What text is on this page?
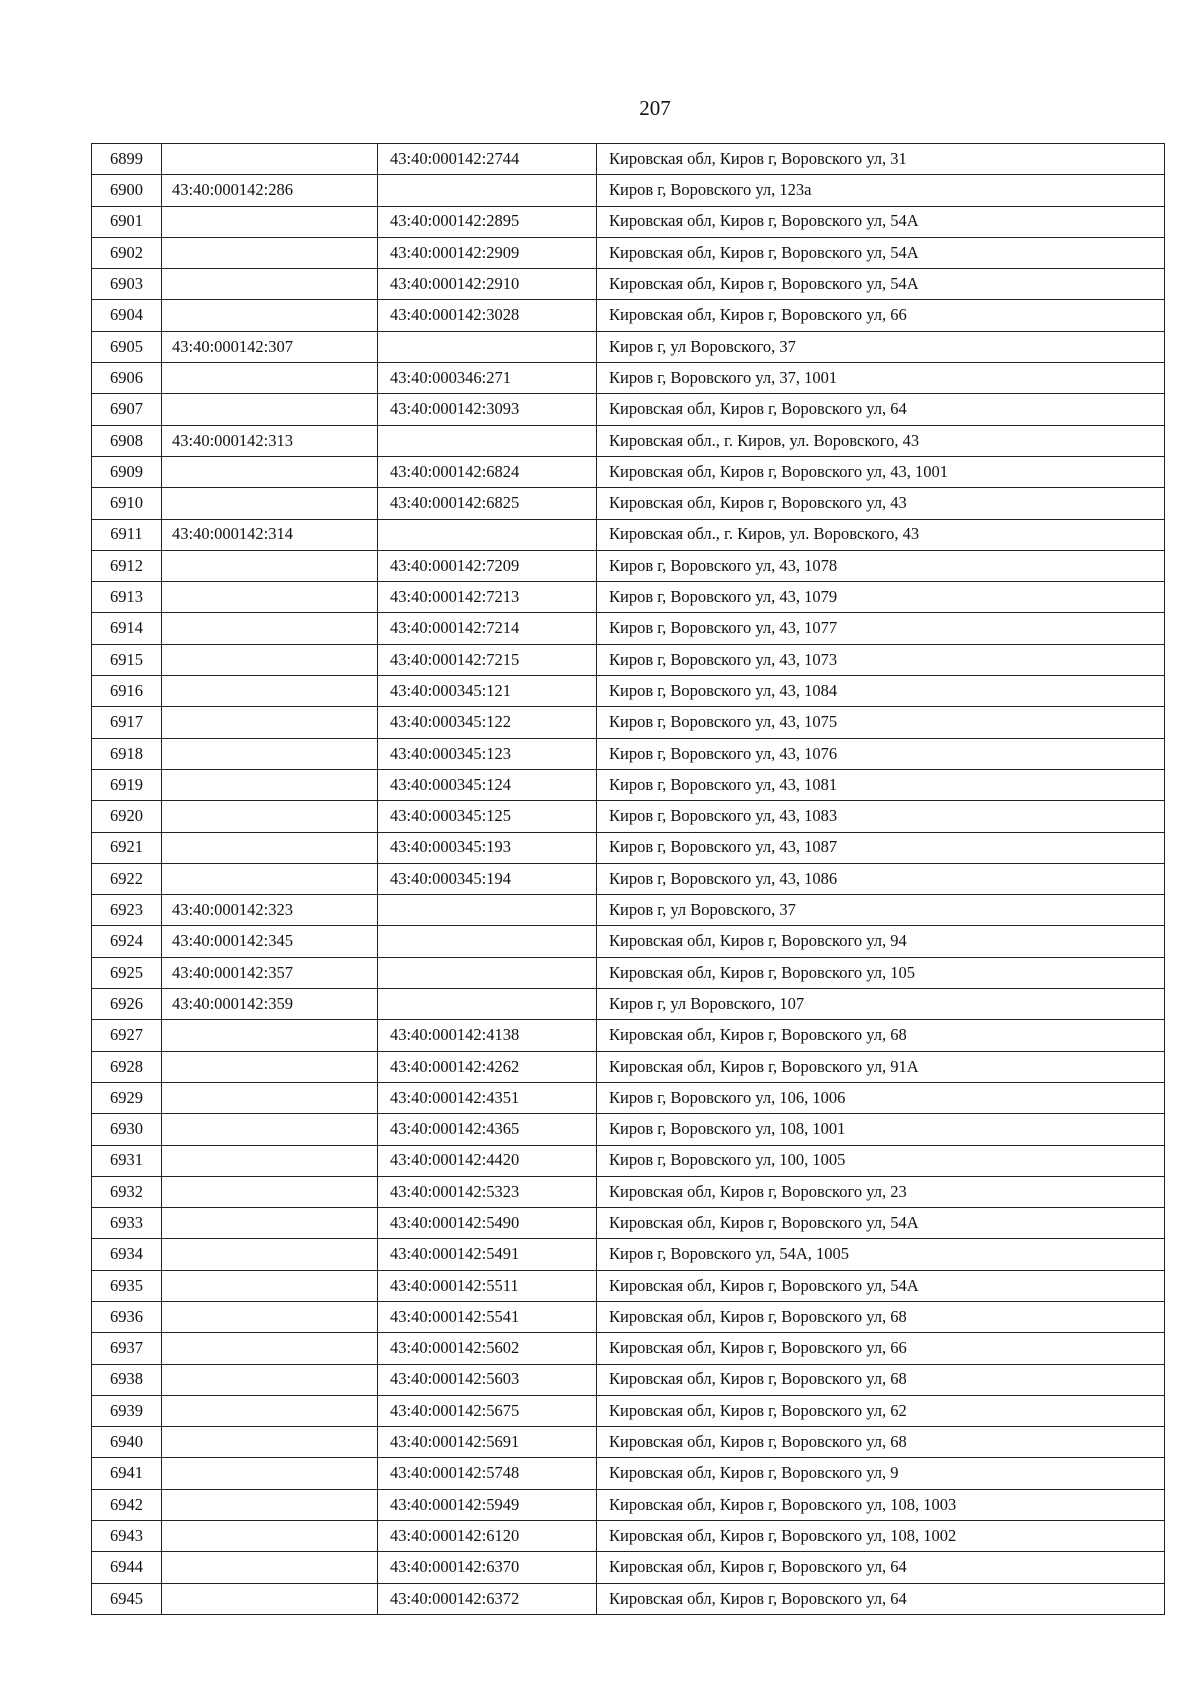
207
6899		43:40:000142:2744	Кировская обл, Киров г, Воровского ул, 31
6900	43:40:000142:286		Киров г, Воровского ул, 123а
6901		43:40:000142:2895	Кировская обл, Киров г, Воровского ул, 54А
6902		43:40:000142:2909	Кировская обл, Киров г, Воровского ул, 54А
6903		43:40:000142:2910	Кировская обл, Киров г, Воровского ул, 54А
6904		43:40:000142:3028	Кировская обл, Киров г, Воровского ул, 66
6905	43:40:000142:307		Киров г, ул Воровского, 37
6906		43:40:000346:271	Киров г, Воровского ул, 37, 1001
6907		43:40:000142:3093	Кировская обл, Киров г, Воровского ул, 64
6908	43:40:000142:313		Кировская обл., г. Киров, ул. Воровского, 43
6909		43:40:000142:6824	Кировская обл, Киров г, Воровского ул, 43, 1001
6910		43:40:000142:6825	Кировская обл, Киров г, Воровского ул, 43
6911	43:40:000142:314		Кировская обл., г. Киров, ул. Воровского, 43
6912		43:40:000142:7209	Киров г, Воровского ул, 43, 1078
6913		43:40:000142:7213	Киров г, Воровского ул, 43, 1079
6914		43:40:000142:7214	Киров г, Воровского ул, 43, 1077
6915		43:40:000142:7215	Киров г, Воровского ул, 43, 1073
6916		43:40:000345:121	Киров г, Воровского ул, 43, 1084
6917		43:40:000345:122	Киров г, Воровского ул, 43, 1075
6918		43:40:000345:123	Киров г, Воровского ул, 43, 1076
6919		43:40:000345:124	Киров г, Воровского ул, 43, 1081
6920		43:40:000345:125	Киров г, Воровского ул, 43, 1083
6921		43:40:000345:193	Киров г, Воровского ул, 43, 1087
6922		43:40:000345:194	Киров г, Воровского ул, 43, 1086
6923	43:40:000142:323		Киров г, ул Воровского, 37
6924	43:40:000142:345		Кировская обл, Киров г, Воровского ул, 94
6925	43:40:000142:357		Кировская обл, Киров г, Воровского ул, 105
6926	43:40:000142:359		Киров г, ул Воровского, 107
6927		43:40:000142:4138	Кировская обл, Киров г, Воровского ул, 68
6928		43:40:000142:4262	Кировская обл, Киров г, Воровского ул, 91А
6929		43:40:000142:4351	Киров г, Воровского ул, 106, 1006
6930		43:40:000142:4365	Киров г, Воровского ул, 108, 1001
6931		43:40:000142:4420	Киров г, Воровского ул, 100, 1005
6932		43:40:000142:5323	Кировская обл, Киров г, Воровского ул, 23
6933		43:40:000142:5490	Кировская обл, Киров г, Воровского ул, 54А
6934		43:40:000142:5491	Киров г, Воровского ул, 54А, 1005
6935		43:40:000142:5511	Кировская обл, Киров г, Воровского ул, 54А
6936		43:40:000142:5541	Кировская обл, Киров г, Воровского ул, 68
6937		43:40:000142:5602	Кировская обл, Киров г, Воровского ул, 66
6938		43:40:000142:5603	Кировская обл, Киров г, Воровского ул, 68
6939		43:40:000142:5675	Кировская обл, Киров г, Воровского ул, 62
6940		43:40:000142:5691	Кировская обл, Киров г, Воровского ул, 68
6941		43:40:000142:5748	Кировская обл, Киров г, Воровского ул, 9
6942		43:40:000142:5949	Кировская обл, Киров г, Воровского ул, 108, 1003
6943		43:40:000142:6120	Кировская обл, Киров г, Воровского ул, 108, 1002
6944		43:40:000142:6370	Кировская обл, Киров г, Воровского ул, 64
6945		43:40:000142:6372	Кировская обл, Киров г, Воровского ул, 64
